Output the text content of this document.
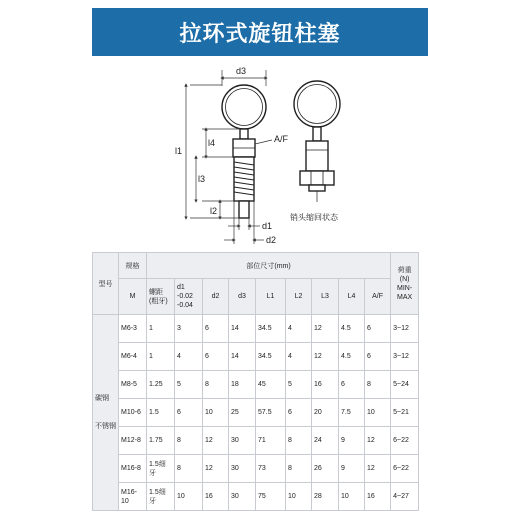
拉环式旋钮柱塞
d3
A/F
l1
l4
l3
l2
d1
d2
销头缩回状态
型号	规格	部位尺寸(mm)									荷重
(N)
MIN-
MAX
	M	螺距
(粗牙)	d1
-0.02
-0.04	d2	d3	L1	L2	L3	L4	A/F	
碳钢

不锈钢	M6-3	1	3	6	14	34.5	4	12	4.5	6	3~12
	M6-4	1	4	6	14	34.5	4	12	4.5	6	3~12
	M8-5	1.25	5	8	18	45	5	16	6	8	5~24
	M10-6	1.5	6	10	25	57.5	6	20	7.5	10	5~21
	M12-8	1.75	8	12	30	71	8	24	9	12	6~22
	M16-8	1.5细
牙	8	12	30	73	8	26	9	12	6~22
	M16-10	1.5细
牙	10	16	30	75	10	28	10	16	4~27
